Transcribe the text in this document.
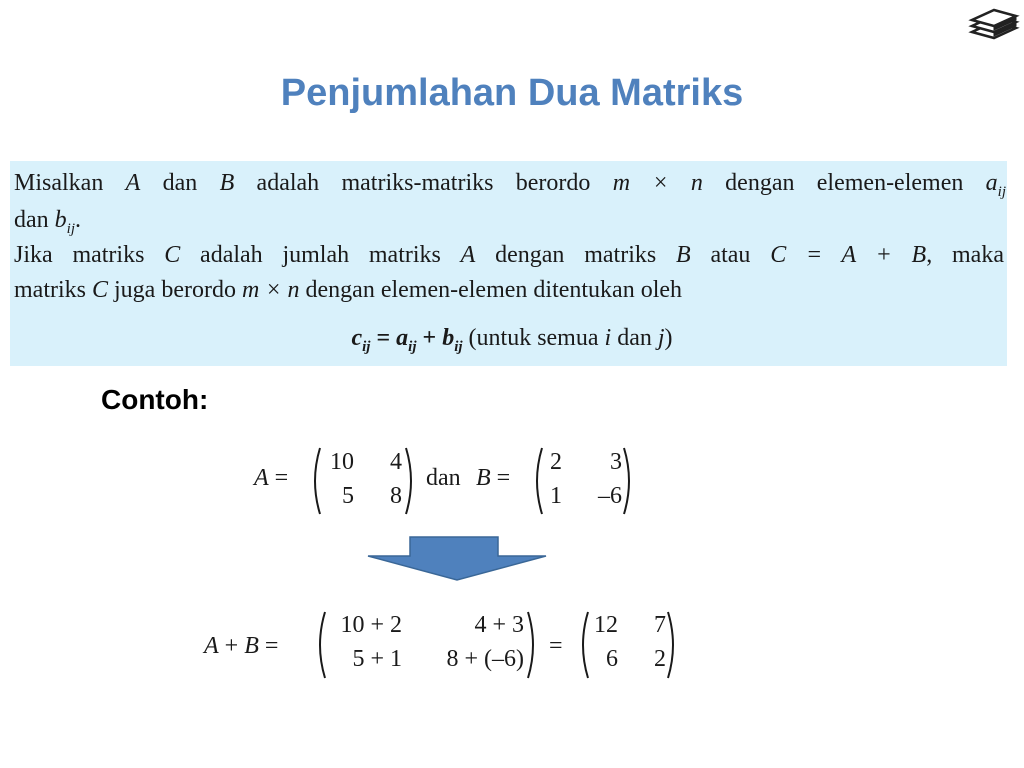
Penjumlahan Dua Matriks
Misalkan A dan B adalah matriks-matriks berordo m × n dengan elemen-elemen $a_{ij}$
dan $b_{ij}$.
Jika matriks C adalah jumlah matriks A dengan matriks B atau C = A + B, maka
matriks C juga berordo m × n dengan elemen-elemen ditentukan oleh
$c_{ij} = a_{ij} + b_{ij}$ (untuk semua i dan j)
Contoh:
A =
10	4
5	8
dan B =
2	3
1	–6
A + B =
10 + 2	4 + 3
5 + 1	8 + (–6) =
12	7
6	2
